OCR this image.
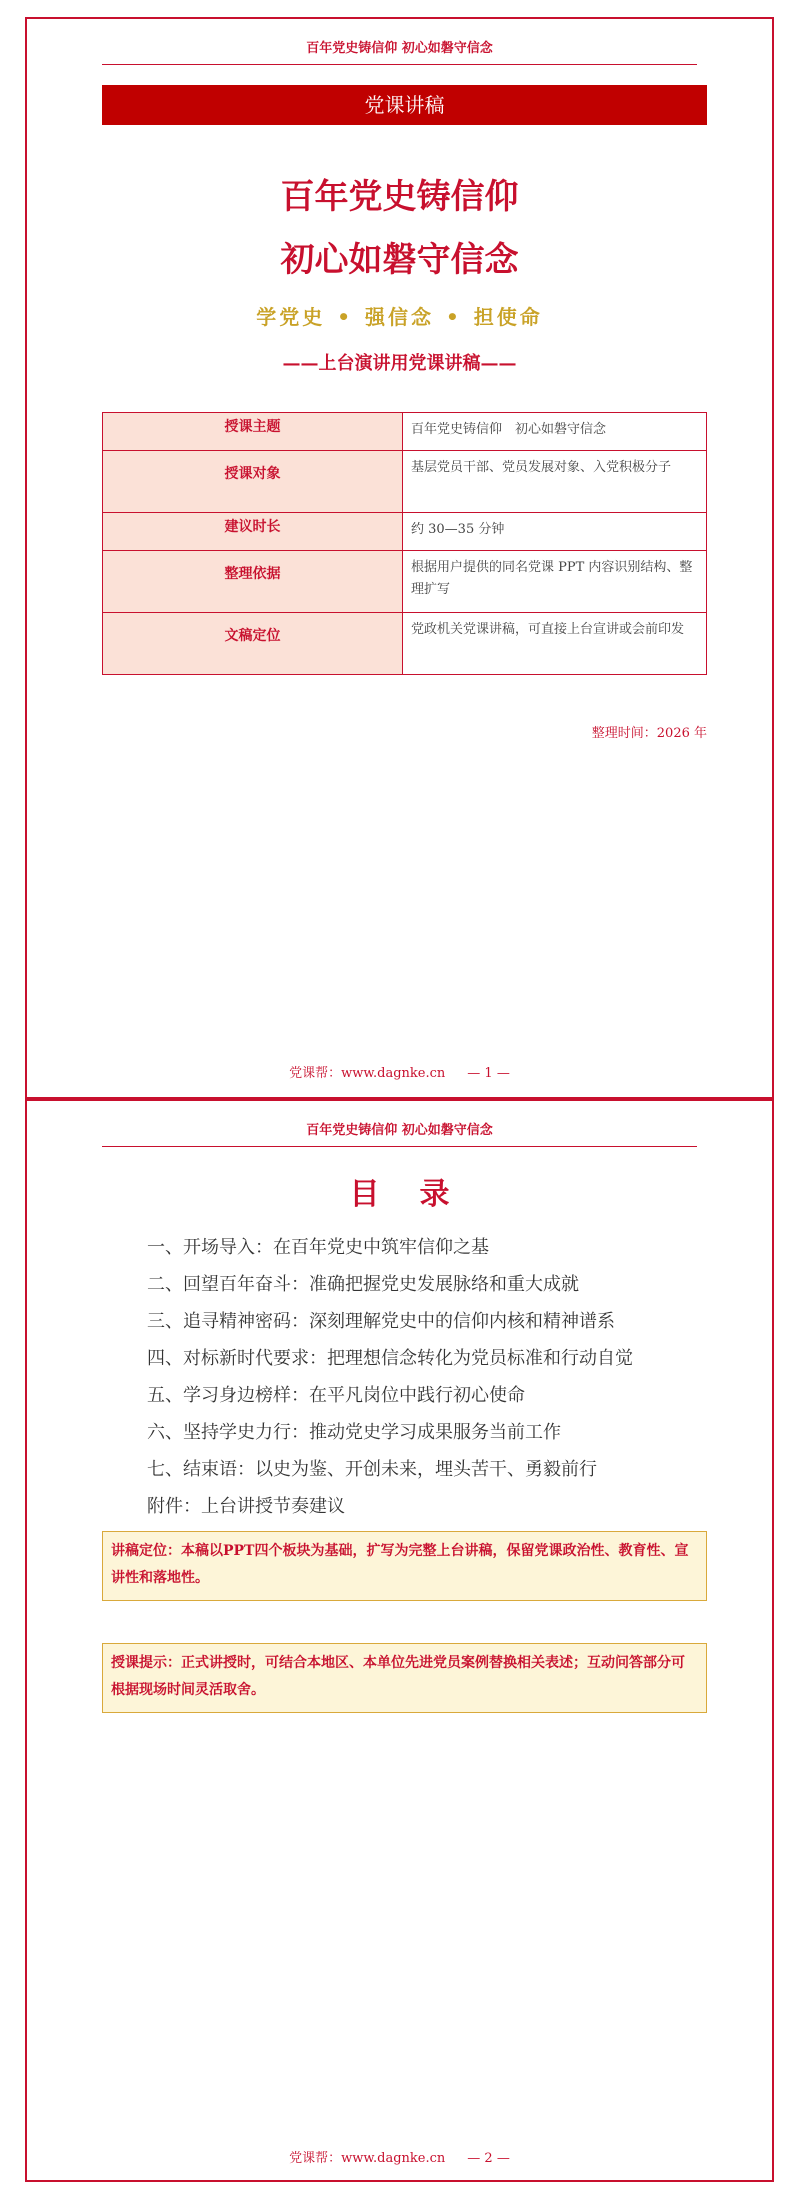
百年党史铸信仰 初心如磐守信念
党课讲稿
百年党史铸信仰
初心如磐守信念
学党史 • 强信念 • 担使命
——上台演讲用党课讲稿——
授课主题	百年党史铸信仰　初心如磐守信念
授课对象	基层党员干部、党员发展对象、入党积极分子
建议时长	约 30—35 分钟
整理依据	根据用户提供的同名党课 PPT 内容识别结构、整理扩写
文稿定位	党政机关党课讲稿，可直接上台宣讲或会前印发
整理时间：2026 年
党课帮：www.dagnke.cn — 1 —
百年党史铸信仰 初心如磐守信念
目录
一、开场导入：在百年党史中筑牢信仰之基
二、回望百年奋斗：准确把握党史发展脉络和重大成就
三、追寻精神密码：深刻理解党史中的信仰内核和精神谱系
四、对标新时代要求：把理想信念转化为党员标准和行动自觉
五、学习身边榜样：在平凡岗位中践行初心使命
六、坚持学史力行：推动党史学习成果服务当前工作
七、结束语：以史为鉴、开创未来，埋头苦干、勇毅前行
附件：上台讲授节奏建议
讲稿定位：本稿以PPT四个板块为基础，扩写为完整上台讲稿，保留党课政治性、教育性、宣讲性和落地性。
授课提示：正式讲授时，可结合本地区、本单位先进党员案例替换相关表述；互动问答部分可根据现场时间灵活取舍。
党课帮：www.dagnke.cn — 2 —
